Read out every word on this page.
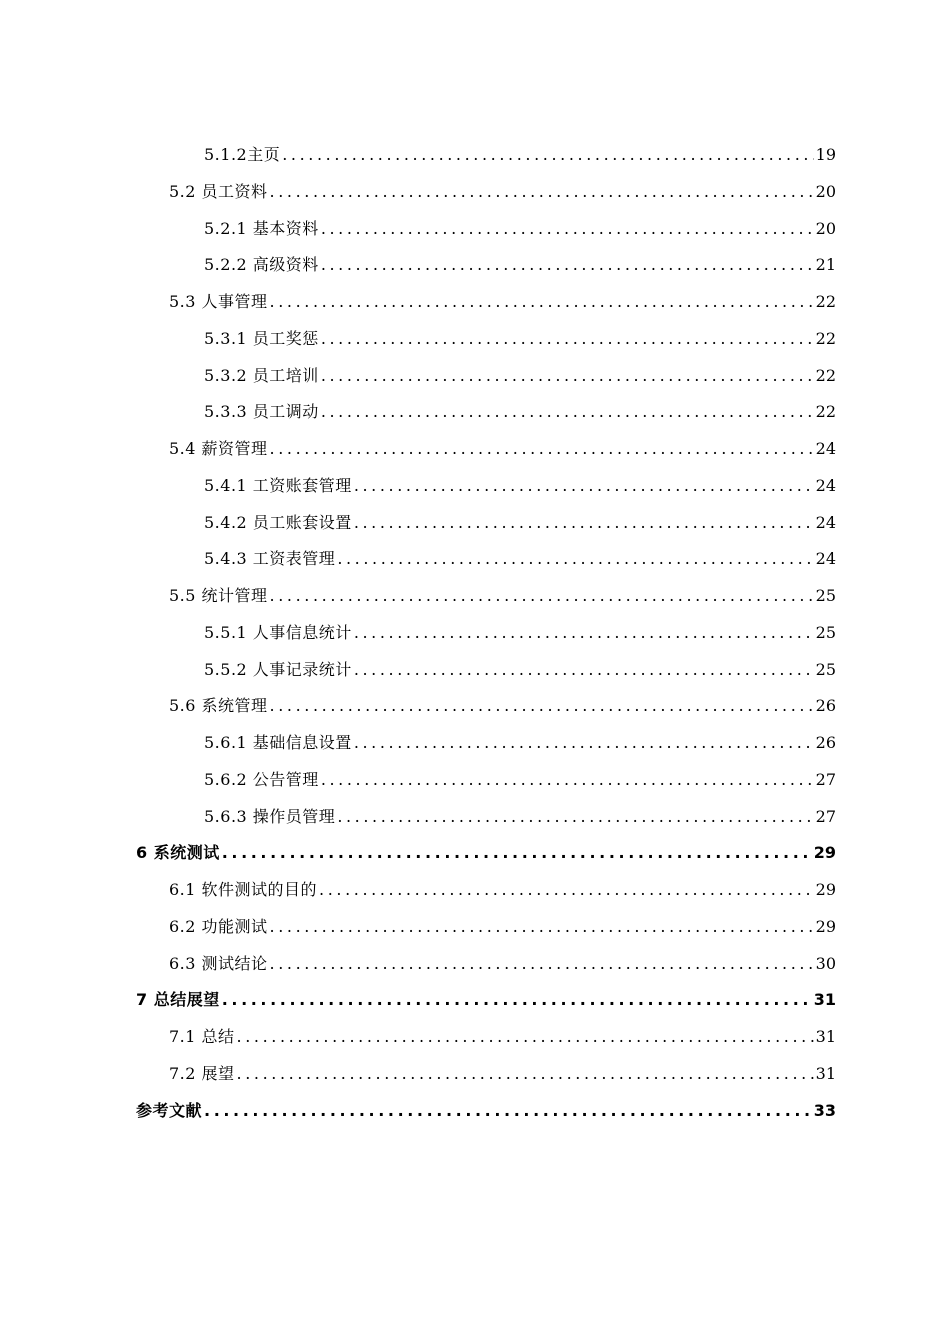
5.1.2主页 .....	19
5.2 员工资料 .....	20
5.2.1 基本资料 .....	20
5.2.2 高级资料 .....	21
5.3 人事管理 .....	22
5.3.1 员工奖惩 .....	22
5.3.2 员工培训 .....	22
5.3.3 员工调动 .....	22
5.4 薪资管理 .....	24
5.4.1 工资账套管理 .....	24
5.4.2 员工账套设置 .....	24
5.4.3 工资表管理 .....	24
5.5 统计管理 .....	25
5.5.1 人事信息统计 .....	25
5.5.2 人事记录统计 .....	25
5.6 系统管理 .....	26
5.6.1 基础信息设置 .....	26
5.6.2 公告管理 .....	27
5.6.3 操作员管理 .....	27
6 系统测试 .....	29
6.1 软件测试的目的 .....	29
6.2 功能测试 .....	29
6.3 测试结论 .....	30
7 总结展望 .....	31
7.1 总结 .....	31
7.2 展望 .....	31
参考文献 .....	33
